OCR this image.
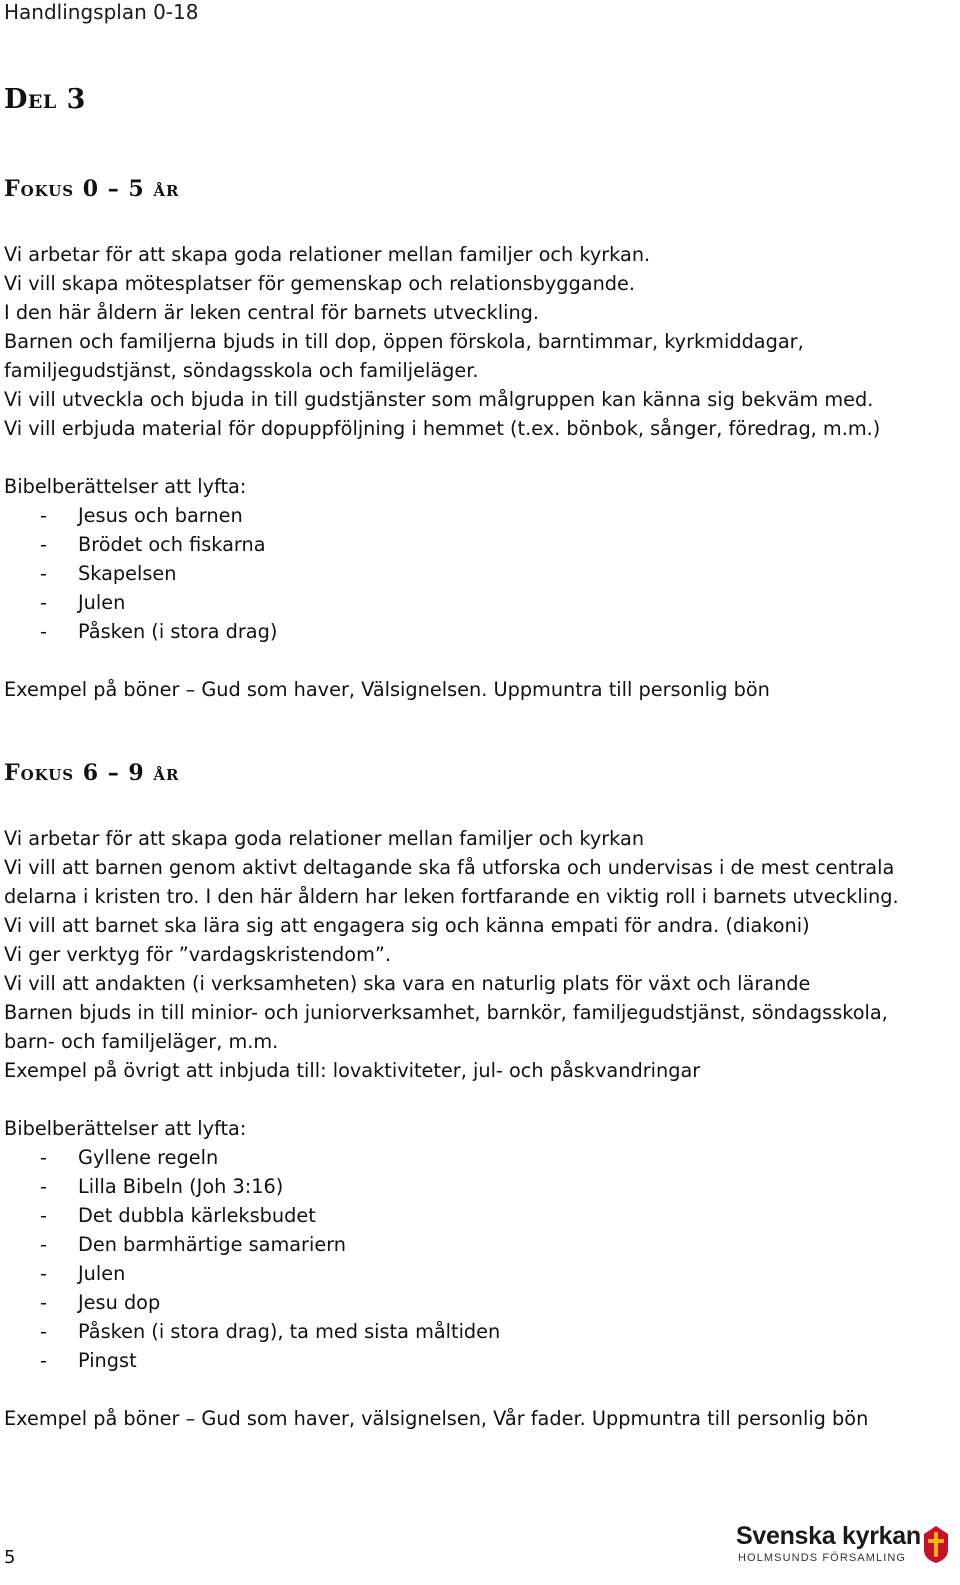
Handlingsplan 0-18
Del 3
Fokus 0 – 5 år

Vi arbetar för att skapa goda relationer mellan familjer och kyrkan.

Vi vill skapa mötesplatser för gemenskap och relationsbyggande.

I den här åldern är leken central för barnets utveckling.

Barnen och familjerna bjuds in till dop, öppen förskola, barntimmar, kyrkmiddagar,

familjegudstjänst, söndagsskola och familjeläger.

Vi vill utveckla och bjuda in till gudstjänster som målgruppen kan känna sig bekväm med.

Vi vill erbjuda material för dopuppföljning i hemmet (t.ex. bönbok, sånger, föredrag, m.m.)

Bibelberättelser att lyfta:

- Jesus och barnen
- Brödet och fiskarna
- Skapelsen
- Julen
- Påsken (i stora drag)

Exempel på böner – Gud som haver, Välsignelsen. Uppmuntra till personlig bön

Fokus 6 – 9 år

Vi arbetar för att skapa goda relationer mellan familjer och kyrkan

Vi vill att barnen genom aktivt deltagande ska få utforska och undervisas i de mest centrala

delarna i kristen tro. I den här åldern har leken fortfarande en viktig roll i barnets utveckling.

Vi vill att barnet ska lära sig att engagera sig och känna empati för andra. (diakoni)

Vi ger verktyg för ”vardagskristendom”.

Vi vill att andakten (i verksamheten) ska vara en naturlig plats för växt och lärande

Barnen bjuds in till minior- och juniorverksamhet, barnkör, familjegudstjänst, söndagsskola,

barn- och familjeläger, m.m.

Exempel på övrigt att inbjuda till: lovaktiviteter, jul- och påskvandringar

Bibelberättelser att lyfta:

- Gyllene regeln
- Lilla Bibeln (Joh 3:16)
- Det dubbla kärleksbudet
- Den barmhärtige samariern
- Julen
- Jesu dop
- Påsken (i stora drag), ta med sista måltiden
- Pingst

Exempel på böner – Gud som haver, välsignelsen, Vår fader. Uppmuntra till personlig bön

5
Svenska kyrkan
HOLMSUNDS FÖRSAMLING
